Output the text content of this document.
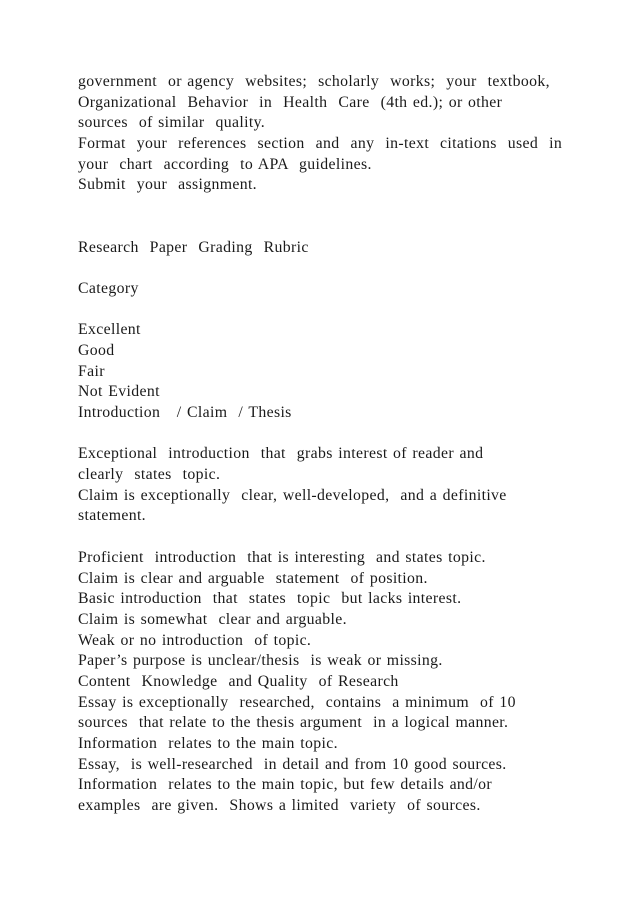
government  or agency  websites;  scholarly  works;  your  textbook,
Organizational  Behavior  in  Health  Care  (4th ed.); or other
sources  of similar  quality.
Format  your  references  section  and  any  in-text  citations  used  in
your  chart  according  to APA  guidelines.
Submit  your  assignment.
Research  Paper  Grading  Rubric
Category
Excellent
Good
Fair
Not Evident
Introduction   / Claim  / Thesis
Exceptional  introduction  that  grabs interest of reader and
clearly  states  topic.
Claim is exceptionally  clear, well-developed,  and a definitive
statement.
Proficient  introduction  that is interesting  and states topic.
Claim is clear and arguable  statement  of position.
Basic introduction  that  states  topic  but lacks interest.
Claim is somewhat  clear and arguable.
Weak or no introduction  of topic.
Paper’s purpose is unclear/thesis  is weak or missing.
Content  Knowledge  and Quality  of Research
Essay is exceptionally  researched,  contains  a minimum  of 10
sources  that relate to the thesis argument  in a logical manner.
Information  relates to the main topic.
Essay,  is well-researched  in detail and from 10 good sources.
Information  relates to the main topic, but few details and/or
examples  are given.  Shows a limited  variety  of sources.
